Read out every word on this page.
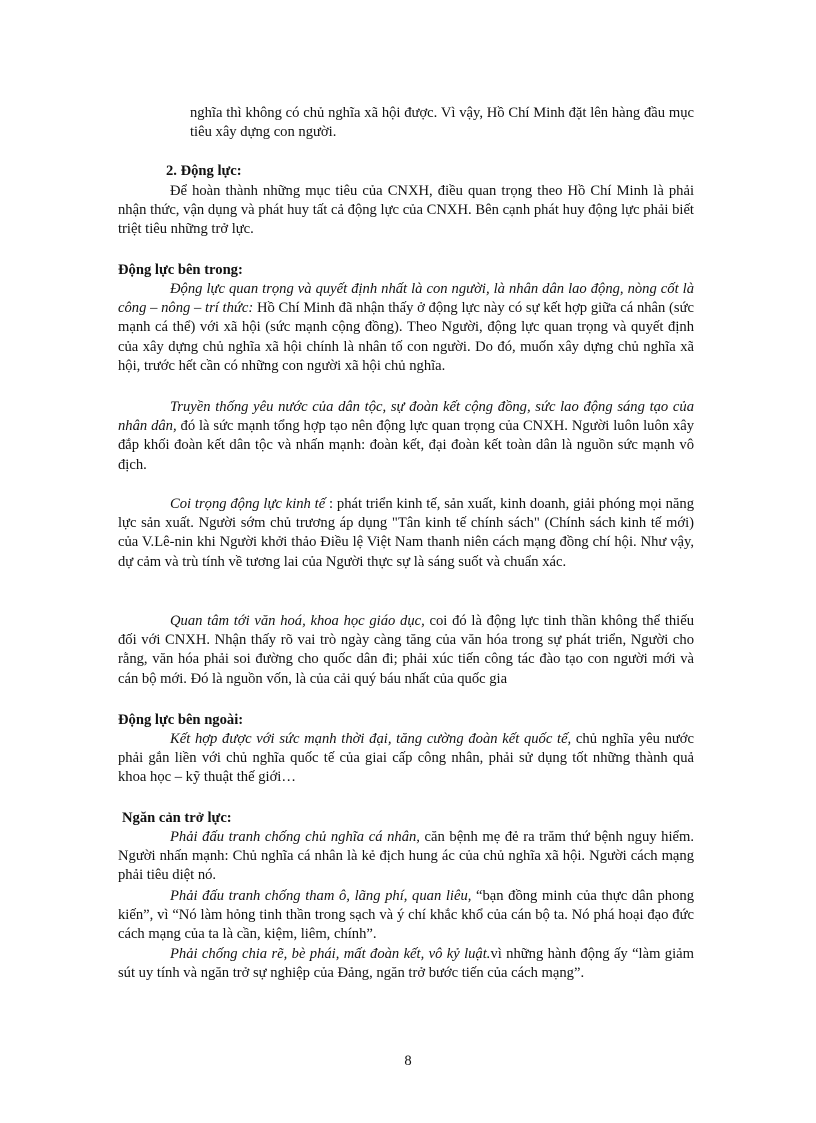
nghĩa thì không có chủ nghĩa xã hội được. Vì vậy, Hồ Chí Minh đặt lên hàng đầu mục tiêu xây dựng con người.

2. Động lực:

Để hoàn thành những mục tiêu của CNXH, điều quan trọng theo Hồ Chí Minh là phải nhận thức, vận dụng và phát huy tất cả động lực của CNXH. Bên cạnh phát huy động lực phải biết triệt tiêu những trở lực.

Động lực bên trong:

Động lực quan trọng và quyết định nhất là con người, là nhân dân lao động, nòng cốt là công – nông – trí thức: Hồ Chí Minh đã nhận thấy ở động lực này có sự kết hợp giữa cá nhân (sức mạnh cá thể) với xã hội (sức mạnh cộng đồng). Theo Người, động lực quan trọng và quyết định của xây dựng chủ nghĩa xã hội chính là nhân tố con người. Do đó, muốn xây dựng chủ nghĩa xã hội, trước hết cần có những con người xã hội chủ nghĩa.

Truyền thống yêu nước của dân tộc, sự đoàn kết cộng đồng, sức lao động sáng tạo của nhân dân, đó là sức mạnh tổng hợp tạo nên động lực quan trọng của CNXH. Người luôn luôn xây đắp khối đoàn kết dân tộc và nhấn mạnh: đoàn kết, đại đoàn kết toàn dân là nguồn sức mạnh vô địch.

Coi trọng động lực kinh tế : phát triển kinh tế, sản xuất, kinh doanh, giải phóng mọi năng lực sản xuất. Người sớm chủ trương áp dụng "Tân kinh tế chính sách" (Chính sách kinh tế mới) của V.Lê-nin khi Người khởi thảo Điều lệ Việt Nam thanh niên cách mạng đồng chí hội. Như vậy, dự cảm và trù tính về tương lai của Người thực sự là sáng suốt và chuẩn xác.

Quan tâm tới văn hoá, khoa học giáo dục, coi đó là động lực tinh thần không thể thiếu đối với CNXH. Nhận thấy rõ vai trò ngày càng tăng của văn hóa trong sự phát triển, Người cho rằng, văn hóa phải soi đường cho quốc dân đi; phải xúc tiến công tác đào tạo con người mới và cán bộ mới. Đó là nguồn vốn, là của cải quý báu nhất của quốc gia

Động lực bên ngoài:

Kết hợp được với sức mạnh thời đại, tăng cường đoàn kết quốc tế, chủ nghĩa yêu nước phải gắn liền với chủ nghĩa quốc tế của giai cấp công nhân, phải sử dụng tốt những thành quả khoa học – kỹ thuật thế giới…

Ngăn cản trở lực:

Phải đấu tranh chống chủ nghĩa cá nhân, căn bệnh mẹ đẻ ra trăm thứ bệnh nguy hiểm. Người nhấn mạnh: Chủ nghĩa cá nhân là kẻ địch hung ác của chủ nghĩa xã hội. Người cách mạng phải tiêu diệt nó.

Phải đấu tranh chống tham ô, lãng phí, quan liêu, “bạn đồng minh của thực dân phong kiến”, vì “Nó làm hỏng tinh thần trong sạch và ý chí khắc khổ của cán bộ ta. Nó phá hoại đạo đức cách mạng của ta là cần, kiệm, liêm, chính”.

Phải chống chia rẽ, bè phái, mất đoàn kết, vô kỷ luật.vì những hành động ấy “làm giảm sút uy tính và ngăn trở sự nghiệp của Đảng, ngăn trở bước tiến của cách mạng”.

8
